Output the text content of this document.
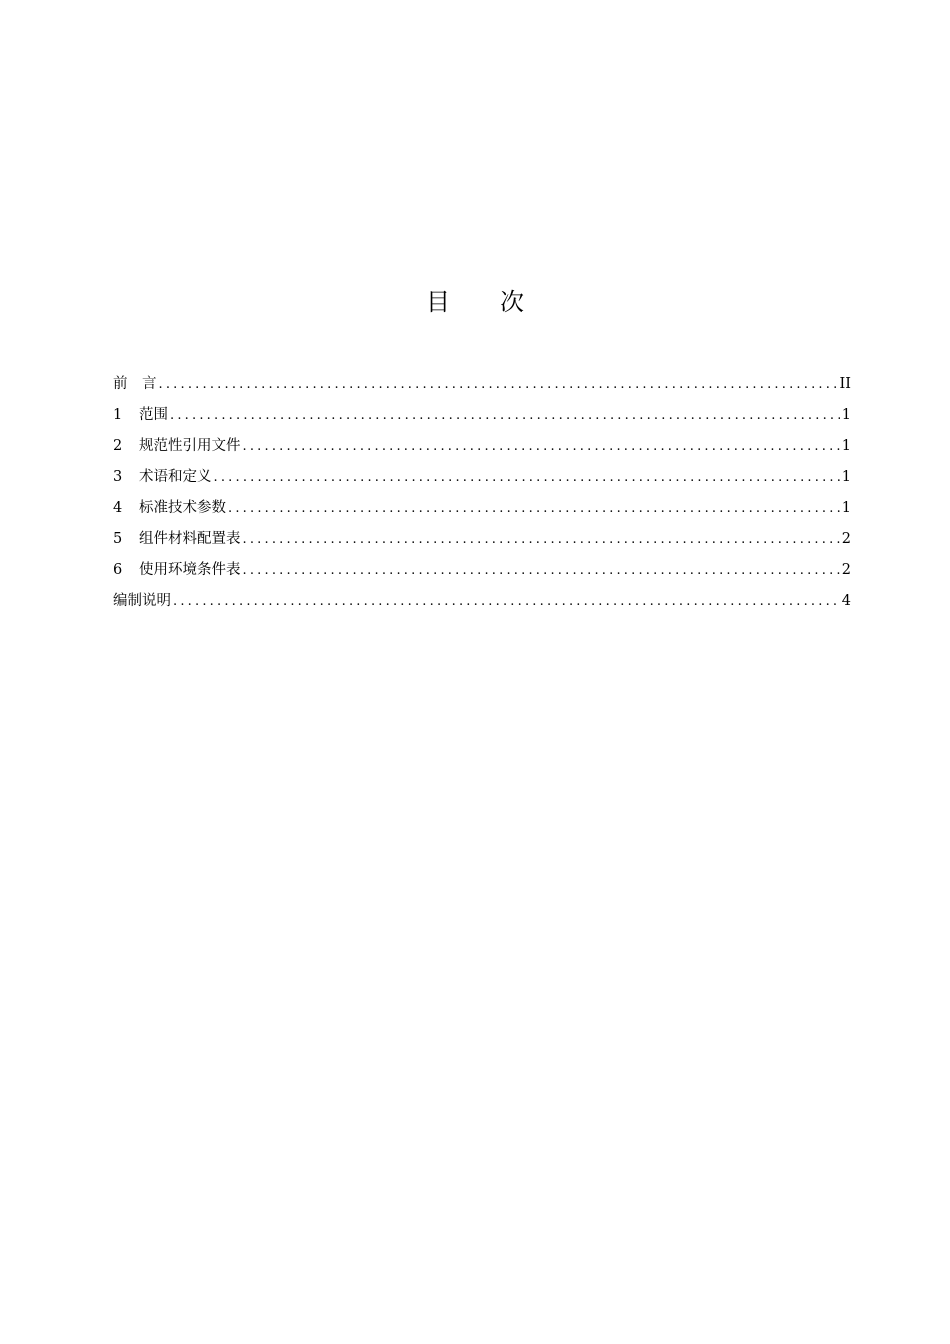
目 次
前　言 .....	II
1	范围 .....	1
2	规范性引用文件 .....	1
3	术语和定义 .....	1
4	标准技术参数 .....	1
5	组件材料配置表 .....	2
6	使用环境条件表 .....	2
编制说明 .....	4
